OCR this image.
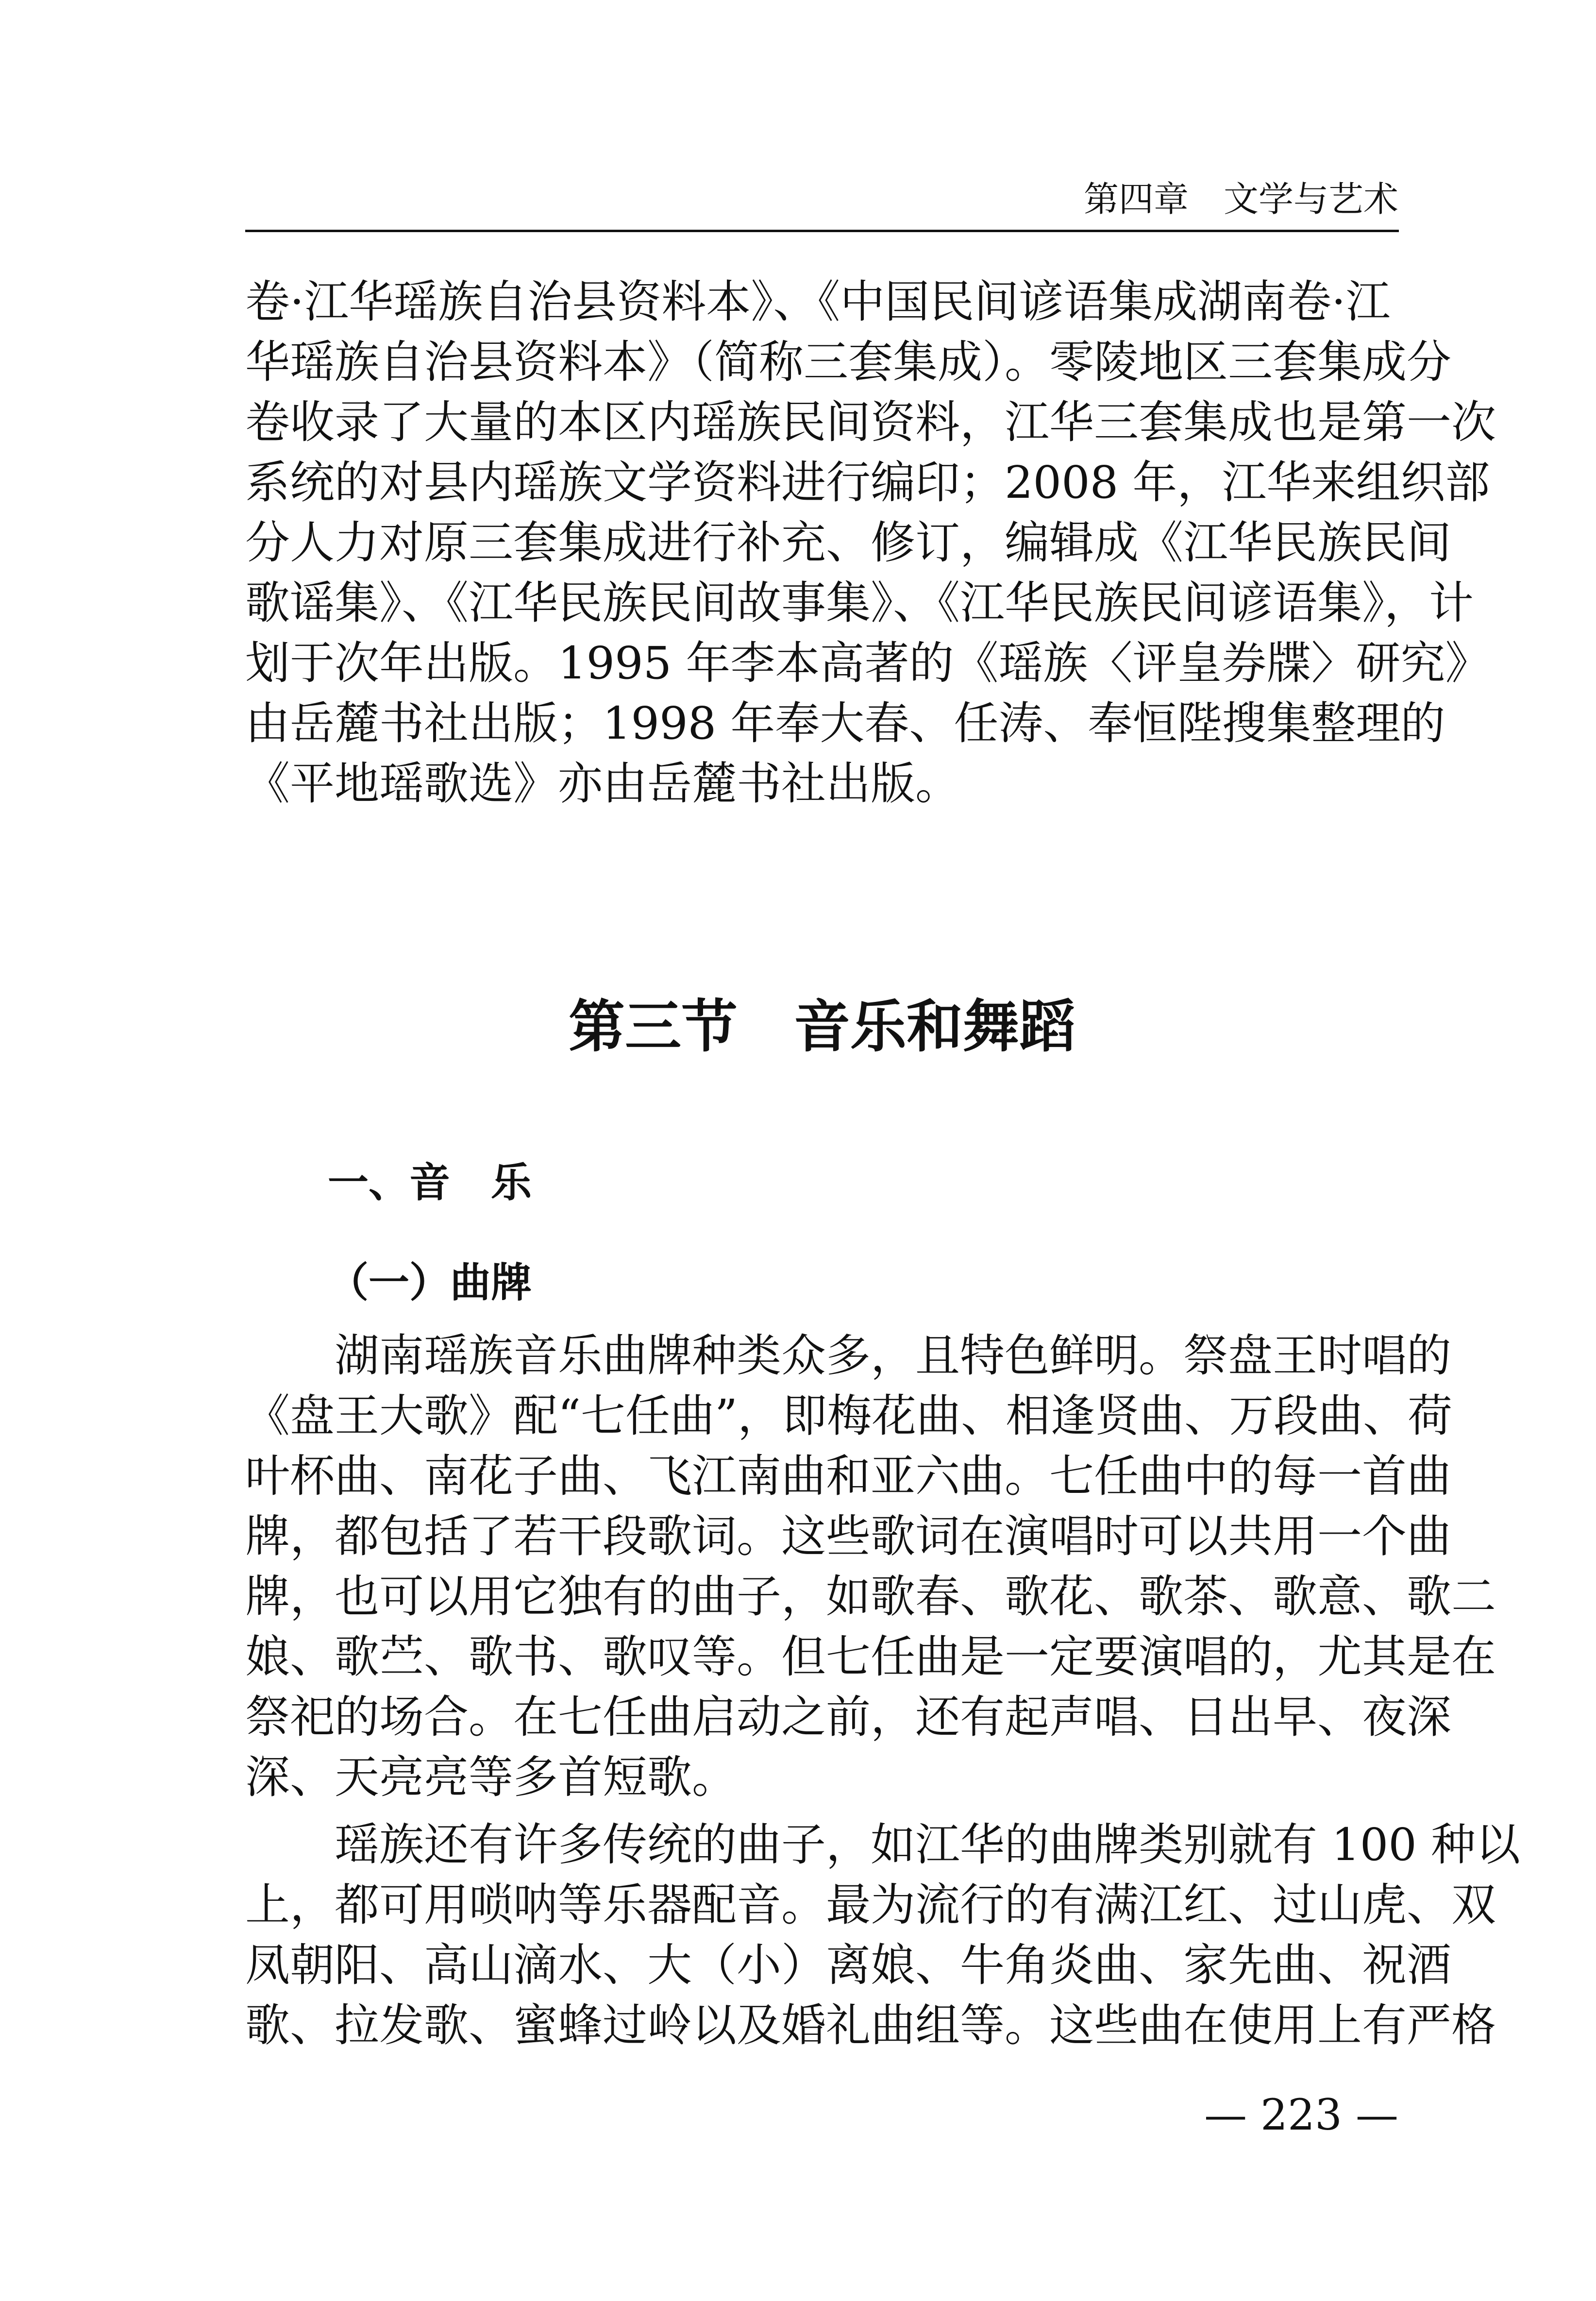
第四章　文学与艺术
卷·江华瑶族自治县资料本》、《中国民间谚语集成湖南卷·江
华瑶族自治县资料本》（简称三套集成）。零陵地区三套集成分
卷收录了大量的本区内瑶族民间资料，江华三套集成也是第一次
系统的对县内瑶族文学资料进行编印；2008 年，江华来组织部
分人力对原三套集成进行补充、修订，编辑成《江华民族民间
歌谣集》、《江华民族民间故事集》、《江华民族民间谚语集》，计
划于次年出版。1995 年李本高著的《瑶族〈评皇券牒〉研究》
由岳麓书社出版；1998 年奉大春、任涛、奉恒陛搜集整理的
《平地瑶歌选》亦由岳麓书社出版。
第三节　音乐和舞蹈
一、音　乐
（一）曲牌
　　湖南瑶族音乐曲牌种类众多，且特色鲜明。祭盘王时唱的
《盘王大歌》配“七任曲”，即梅花曲、相逢贤曲、万段曲、荷
叶杯曲、南花子曲、飞江南曲和亚六曲。七任曲中的每一首曲
牌，都包括了若干段歌词。这些歌词在演唱时可以共用一个曲
牌，也可以用它独有的曲子，如歌春、歌花、歌茶、歌意、歌二
娘、歌苎、歌书、歌叹等。但七任曲是一定要演唱的，尤其是在
祭祀的场合。在七任曲启动之前，还有起声唱、日出早、夜深
深、天亮亮等多首短歌。
　　瑶族还有许多传统的曲子，如江华的曲牌类别就有 100 种以
上，都可用唢呐等乐器配音。最为流行的有满江红、过山虎、双
凤朝阳、高山滴水、大（小）离娘、牛角炎曲、家先曲、祝酒
歌、拉发歌、蜜蜂过岭以及婚礼曲组等。这些曲在使用上有严格
— 223 —
